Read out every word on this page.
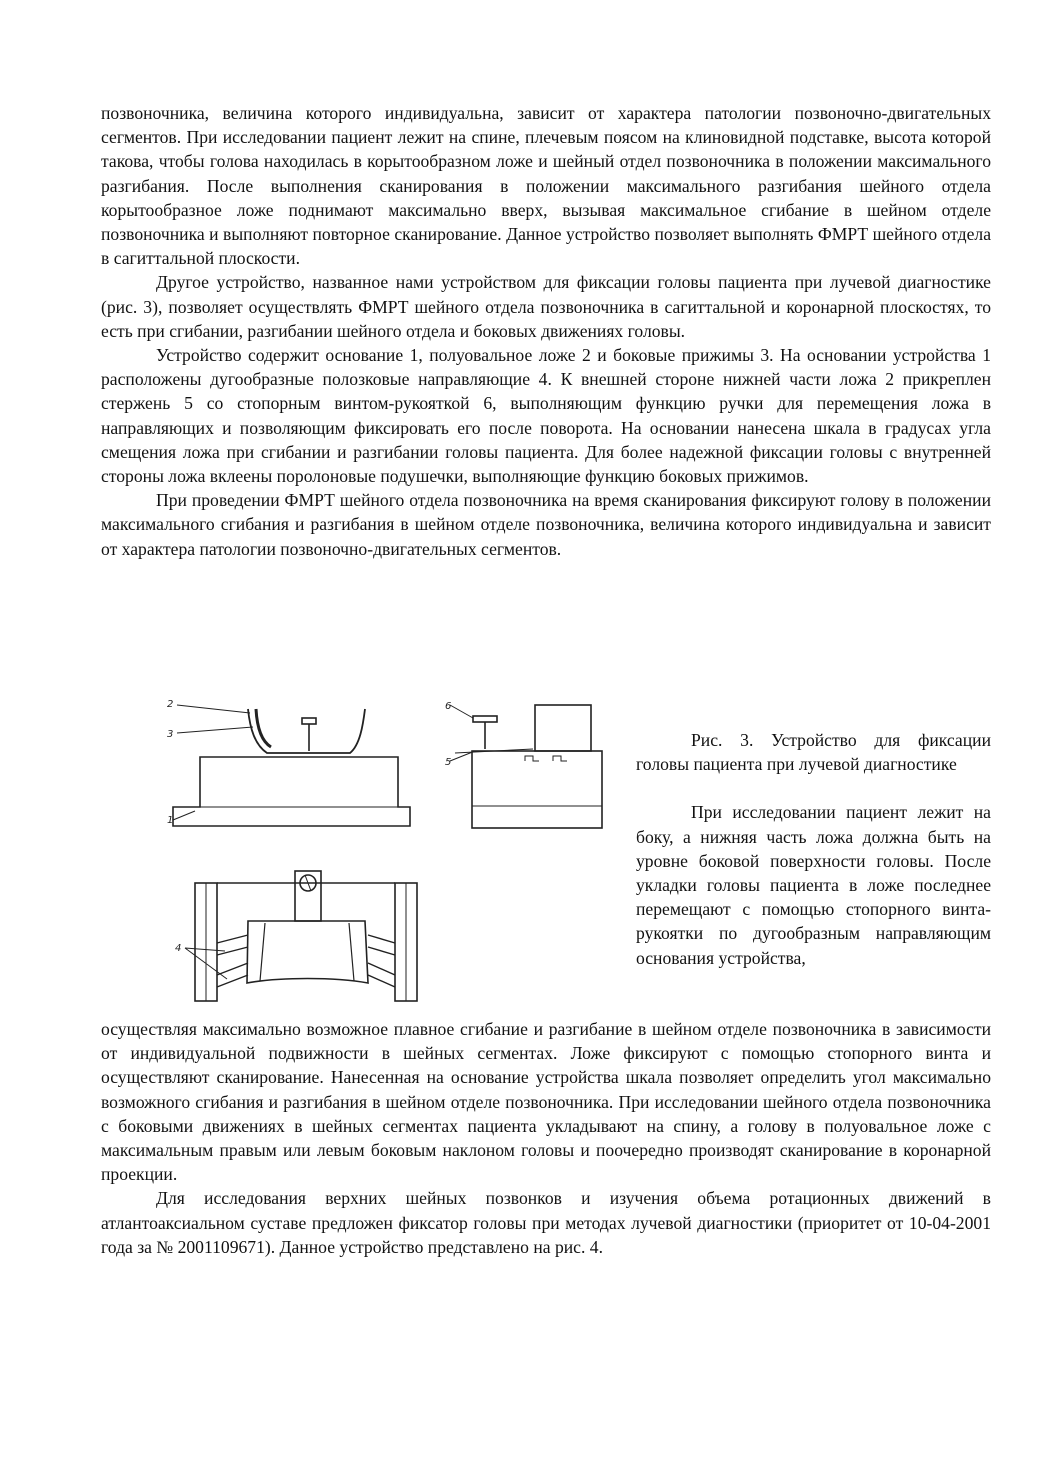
позвоночника, величина которого индивидуальна, зависит от характера патологии позвоночно-двигательных сегментов. При исследовании пациент лежит на спине, плечевым поясом на клиновидной подставке, высота которой такова, чтобы голова находилась в корытообразном ложе и шейный отдел позвоночника в положении максимального разгибания. После выполнения сканирования в положении максимального разгибания шейного отдела корытообразное ложе поднимают максимально вверх, вызывая максимальное сгибание в шейном отделе позвоночника и выполняют повторное сканирование. Данное устройство позволяет выполнять ФМРТ шейного отдела в сагиттальной плоскости.

Другое устройство, названное нами устройством для фиксации головы пациента при лучевой диагностике (рис. 3), позволяет осуществлять ФМРТ шейного отдела позвоночника в сагиттальной и коронарной плоскостях, то есть при сгибании, разгибании шейного отдела и боковых движениях головы.

Устройство содержит основание 1, полуовальное ложе 2 и боковые прижимы 3. На основании устройства 1 расположены дугообразные полозковые направляющие 4. К внешней стороне нижней части ложа 2 прикреплен стержень 5 со стопорным винтом-рукояткой 6, выполняющим функцию ручки для перемещения ложа в направляющих и позволяющим фиксировать его после поворота. На основании нанесена шкала в градусах угла смещения ложа при сгибании и разгибании головы пациента. Для более надежной фиксации головы с внутренней стороны ложа вклеены поролоновые подушечки, выполняющие функцию боковых прижимов.

При проведении ФМРТ шейного отдела позвоночника на время сканирования фиксируют голову в положении максимального сгибания и разгибания в шейном отделе позвоночника, величина которого индивидуальна и зависит от характера патологии позвоночно-двигательных сегментов.

2
3
1
6
5
4

Рис. 3. Устройство для фиксации головы пациента при лучевой диагностике

При исследовании пациент лежит на боку, а нижняя часть ложа должна быть на уровне боковой поверхности головы. После укладки головы пациента в ложе последнее перемещают с помощью стопорного винта-рукоятки по дугообразным направляющим основания устройства,

осуществляя максимально возможное плавное сгибание и разгибание в шейном отделе позвоночника в зависимости от индивидуальной подвижности в шейных сегментах. Ложе фиксируют с помощью стопорного винта и осуществляют сканирование. Нанесенная на основание устройства шкала позволяет определить угол максимально возможного сгибания и разгибания в шейном отделе позвоночника. При исследовании шейного отдела позвоночника с боковыми движениях в шейных сегментах пациента укладывают на спину, а голову в полуовальное ложе с максимальным правым или левым боковым наклоном головы и поочередно производят сканирование в коронарной проекции.

Для исследования верхних шейных позвонков и изучения объема ротационных движений в атлантоаксиальном суставе предложен фиксатор головы при методах лучевой диагностики (приоритет от 10-04-2001 года за № 2001109671). Данное устройство представлено на рис. 4.
